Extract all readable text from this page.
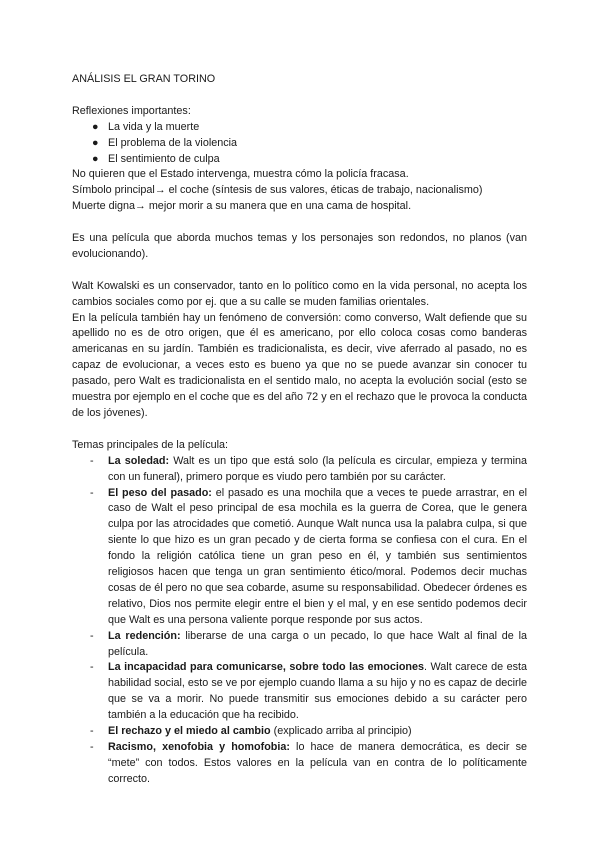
ANÁLISIS EL GRAN TORINO

Reflexiones importantes:

● La vida y la muerte
● El problema de la violencia
● El sentimiento de culpa

No quieren que el Estado intervenga, muestra cómo la policía fracasa.

Símbolo principal→ el coche (síntesis de sus valores, éticas de trabajo, nacionalismo)

Muerte digna→ mejor morir a su manera que en una cama de hospital.

Es una película que aborda muchos temas y los personajes son redondos, no planos (van evolucionando).

Walt Kowalski es un conservador, tanto en lo político como en la vida personal, no acepta los cambios sociales como por ej. que a su calle se muden familias orientales.

En la película también hay un fenómeno de conversión: como converso, Walt defiende que su apellido no es de otro origen, que él es americano, por ello coloca cosas como banderas americanas en su jardín. También es tradicionalista, es decir, vive aferrado al pasado, no es capaz de evolucionar, a veces esto es bueno ya que no se puede avanzar sin conocer tu pasado, pero Walt es tradicionalista en el sentido malo, no acepta la evolución social (esto se muestra por ejemplo en el coche que es del año 72 y en el rechazo que le provoca la conducta de los jóvenes).

Temas principales de la película:

- La soledad: Walt es un tipo que está solo (la película es circular, empieza y termina con un funeral), primero porque es viudo pero también por su carácter.
- El peso del pasado: el pasado es una mochila que a veces te puede arrastrar, en el caso de Walt el peso principal de esa mochila es la guerra de Corea, que le genera culpa por las atrocidades que cometió. Aunque Walt nunca usa la palabra culpa, si que siente lo que hizo es un gran pecado y de cierta forma se confiesa con el cura. En el fondo la religión católica tiene un gran peso en él, y también sus sentimientos religiosos hacen que tenga un gran sentimiento ético/moral. Podemos decir muchas cosas de él pero no que sea cobarde, asume su responsabilidad. Obedecer órdenes es relativo, Dios nos permite elegir entre el bien y el mal, y en ese sentido podemos decir que Walt es una persona valiente porque responde por sus actos.
- La redención: liberarse de una carga o un pecado, lo que hace Walt al final de la película.
- La incapacidad para comunicarse, sobre todo las emociones. Walt carece de esta habilidad social, esto se ve por ejemplo cuando llama a su hijo y no es capaz de decirle que se va a morir. No puede transmitir sus emociones debido a su carácter pero también a la educación que ha recibido.
- El rechazo y el miedo al cambio (explicado arriba al principio)
- Racismo, xenofobia y homofobia: lo hace de manera democrática, es decir se “mete” con todos. Estos valores en la película van en contra de lo políticamente correcto.
